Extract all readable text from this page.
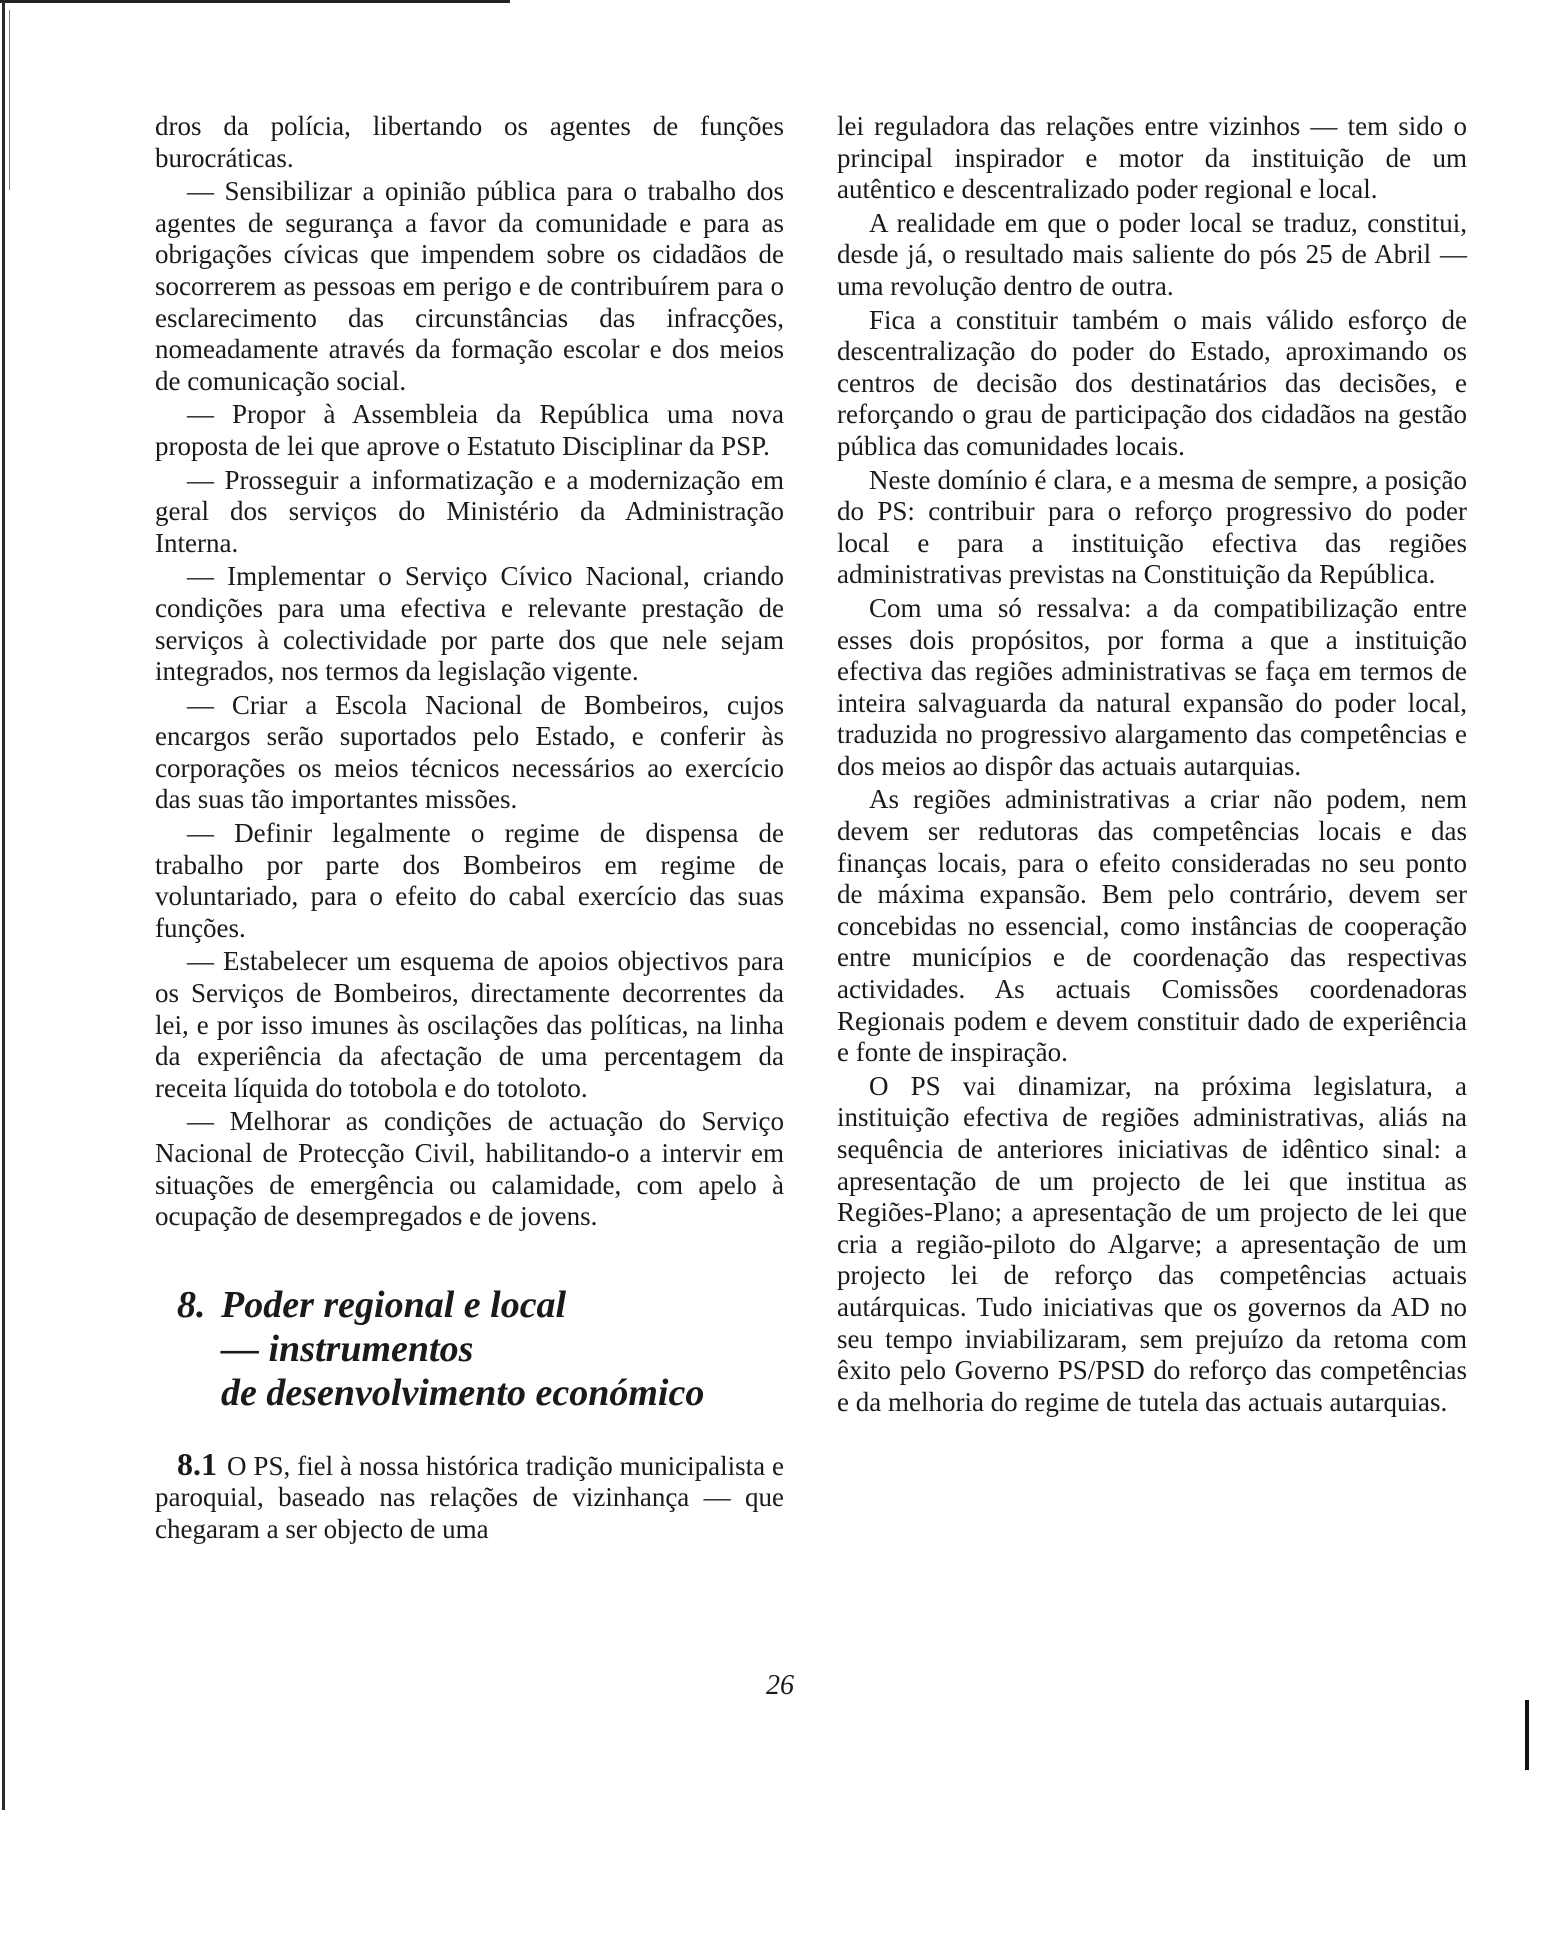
dros da polícia, libertando os agentes de funções burocráticas.

— Sensibilizar a opinião pública para o trabalho dos agentes de segurança a favor da comunidade e para as obrigações cívicas que impendem sobre os cidadãos de socorrerem as pessoas em perigo e de contribuírem para o esclarecimento das circunstâncias das infracções, nomeadamente através da formação escolar e dos meios de comunicação social.

— Propor à Assembleia da República uma nova proposta de lei que aprove o Estatuto Disciplinar da PSP.

— Prosseguir a informatização e a modernização em geral dos serviços do Ministério da Administração Interna.

— Implementar o Serviço Cívico Nacional, criando condições para uma efectiva e relevante prestação de serviços à colectividade por parte dos que nele sejam integrados, nos termos da legislação vigente.

— Criar a Escola Nacional de Bombeiros, cujos encargos serão suportados pelo Estado, e conferir às corporações os meios técnicos necessários ao exercício das suas tão importantes missões.

— Definir legalmente o regime de dispensa de trabalho por parte dos Bombeiros em regime de voluntariado, para o efeito do cabal exercício das suas funções.

— Estabelecer um esquema de apoios objectivos para os Serviços de Bombeiros, directamente decorrentes da lei, e por isso imunes às oscilações das políticas, na linha da experiência da afectação de uma percentagem da receita líquida do totobola e do totoloto.

— Melhorar as condições de actuação do Serviço Nacional de Protecção Civil, habilitando-o a intervir em situações de emergência ou calamidade, com apelo à ocupação de desempregados e de jovens.

8. Poder regional e local
— instrumentos
de desenvolvimento económico

8.1 O PS, fiel à nossa histórica tradição municipalista e paroquial, baseado nas relações de vizinhança — que chegaram a ser objecto de uma

lei reguladora das relações entre vizinhos — tem sido o principal inspirador e motor da instituição de um autêntico e descentralizado poder regional e local.

A realidade em que o poder local se traduz, constitui, desde já, o resultado mais saliente do pós 25 de Abril — uma revolução dentro de outra.

Fica a constituir também o mais válido esforço de descentralização do poder do Estado, aproximando os centros de decisão dos destinatários das decisões, e reforçando o grau de participação dos cidadãos na gestão pública das comunidades locais.

Neste domínio é clara, e a mesma de sempre, a posição do PS: contribuir para o reforço progressivo do poder local e para a instituição efectiva das regiões administrativas previstas na Constituição da República.

Com uma só ressalva: a da compatibilização entre esses dois propósitos, por forma a que a instituição efectiva das regiões administrativas se faça em termos de inteira salvaguarda da natural expansão do poder local, traduzida no progressivo alargamento das competências e dos meios ao dispôr das actuais autarquias.

As regiões administrativas a criar não podem, nem devem ser redutoras das competências locais e das finanças locais, para o efeito consideradas no seu ponto de máxima expansão. Bem pelo contrário, devem ser concebidas no essencial, como instâncias de cooperação entre municípios e de coordenação das respectivas actividades. As actuais Comissões coordenadoras Regionais podem e devem constituir dado de experiência e fonte de inspiração.

O PS vai dinamizar, na próxima legislatura, a instituição efectiva de regiões administrativas, aliás na sequência de anteriores iniciativas de idêntico sinal: a apresentação de um projecto de lei que institua as Regiões-Plano; a apresentação de um projecto de lei que cria a região-piloto do Algarve; a apresentação de um projecto lei de reforço das competências actuais autárquicas. Tudo iniciativas que os governos da AD no seu tempo inviabilizaram, sem prejuízo da retoma com êxito pelo Governo PS/PSD do reforço das competências e da melhoria do regime de tutela das actuais autarquias.

26
